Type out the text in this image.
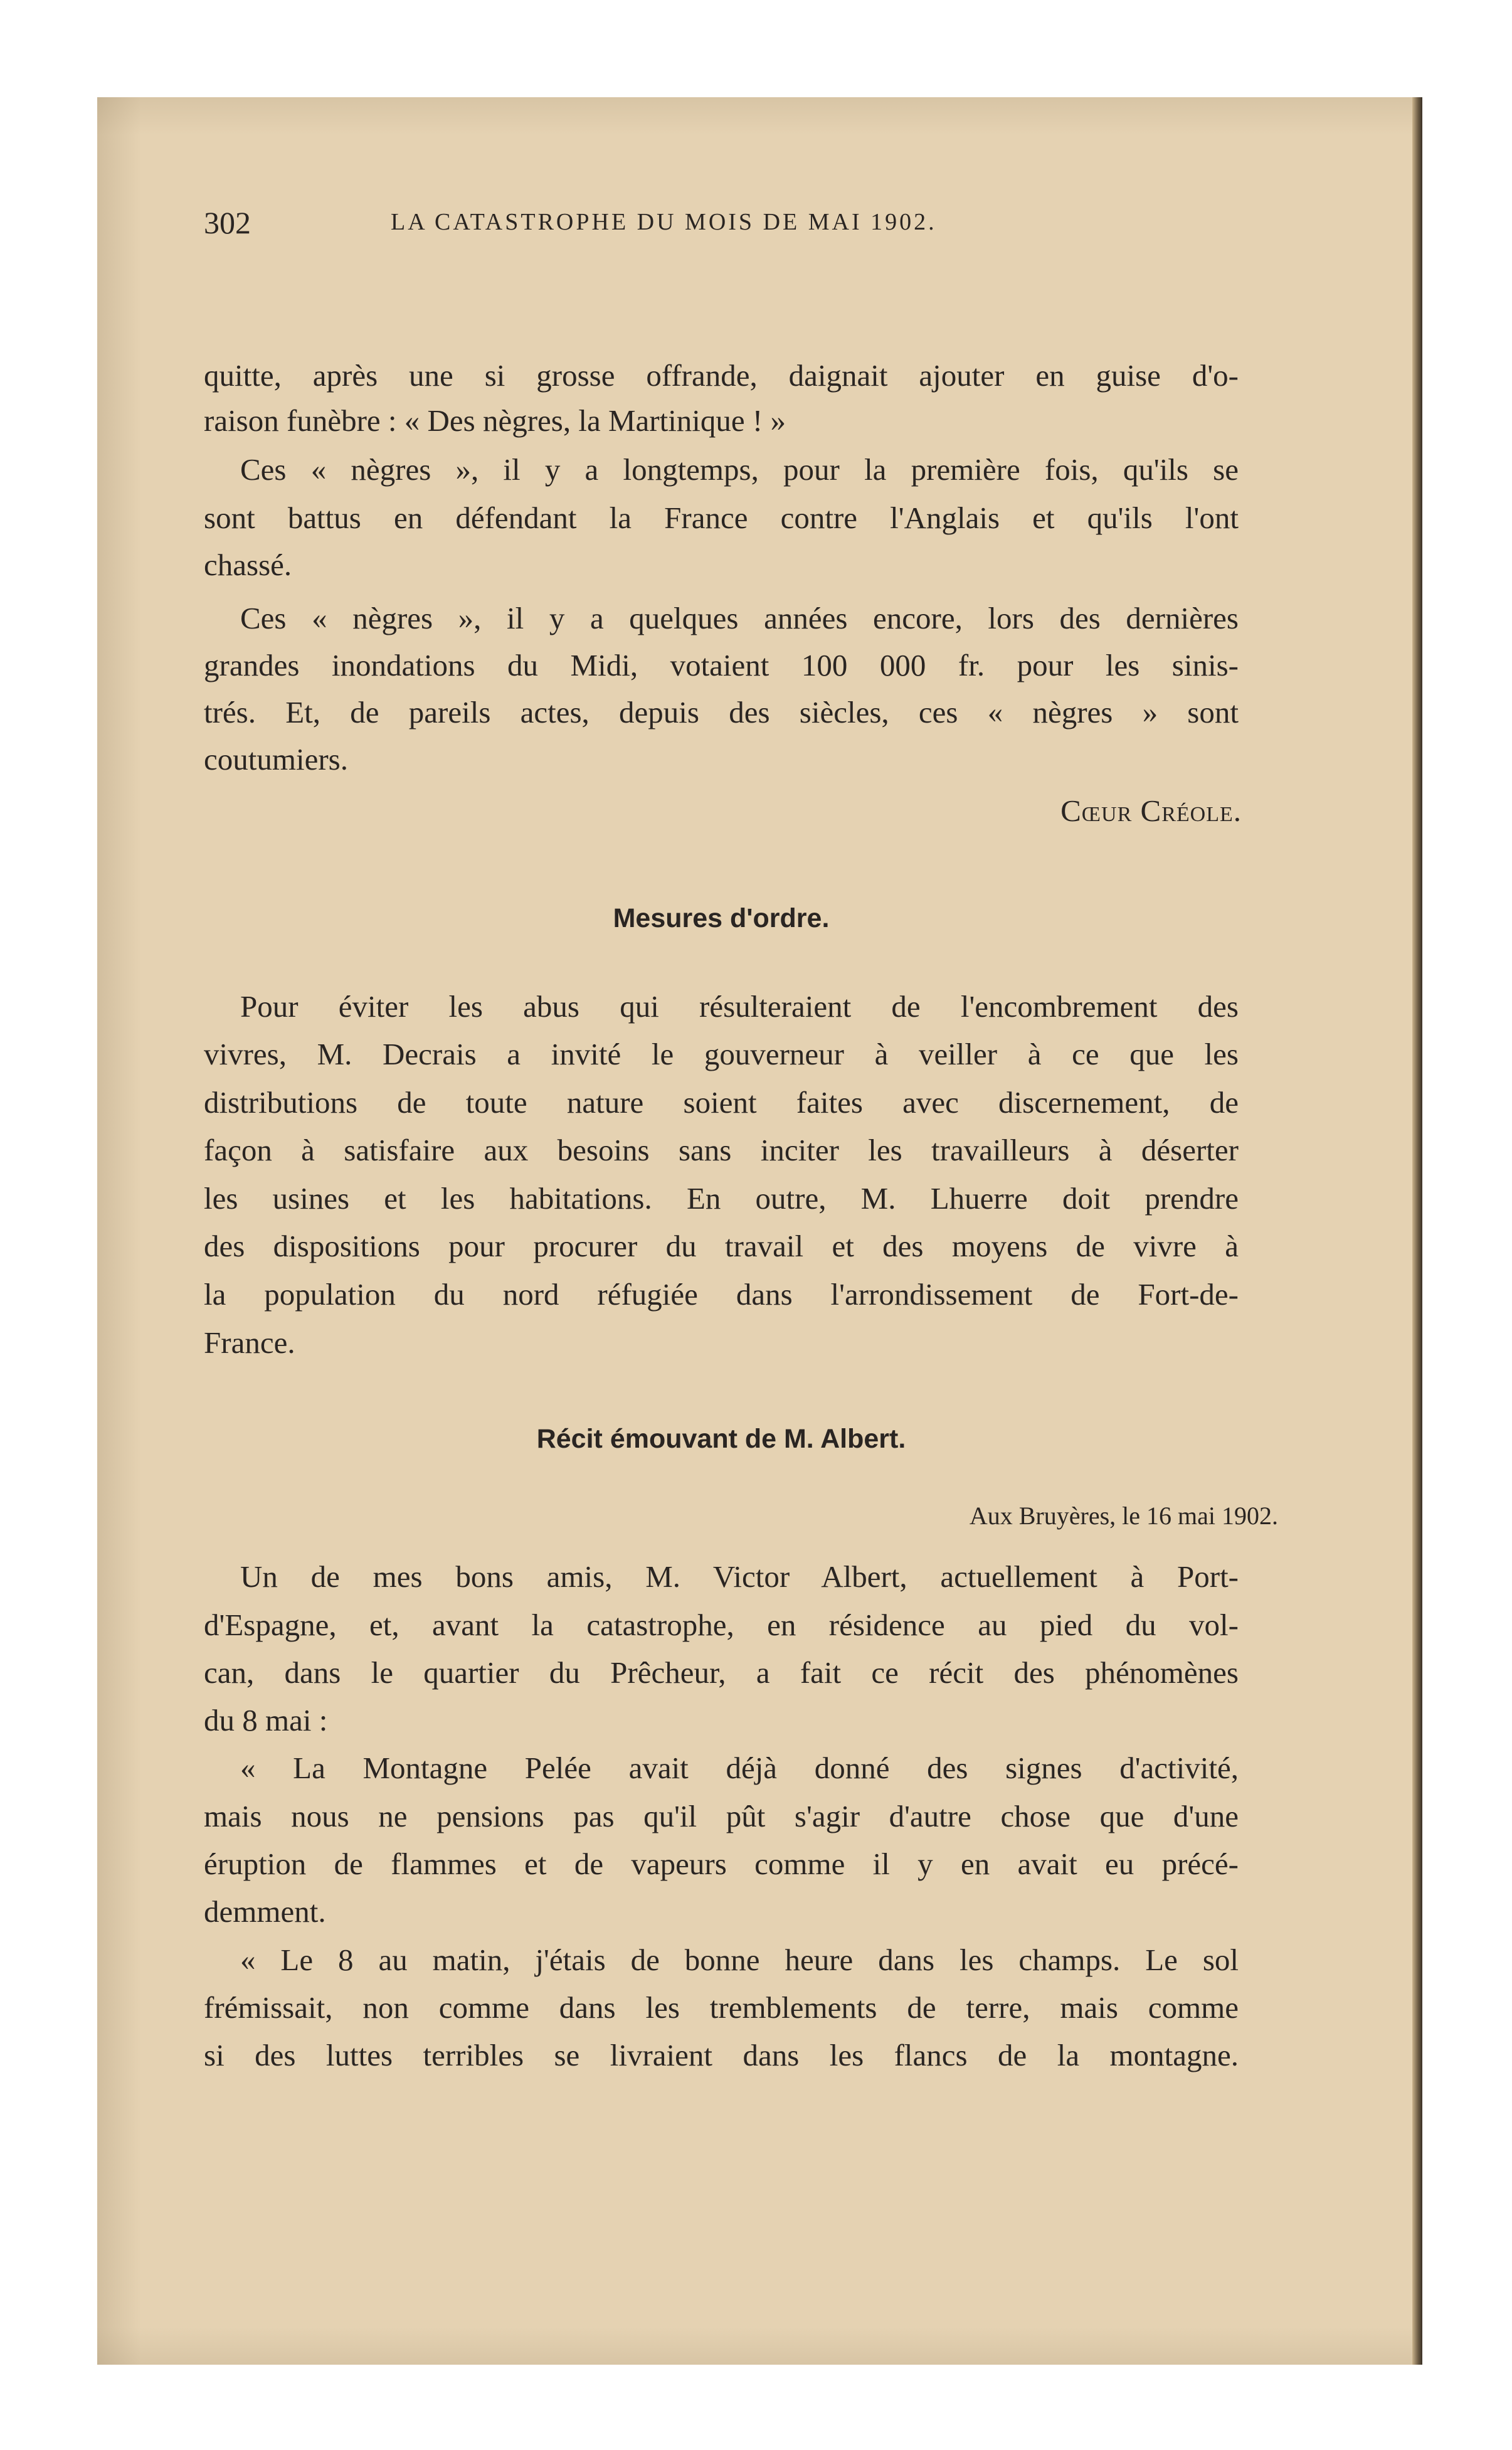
302	LA CATASTROPHE DU MOIS DE MAI 1902.
quitte, après une si grosse offrande, daignait ajouter en guise d'o-
raison funèbre : « Des nègres, la Martinique ! »
Ces « nègres », il y a longtemps, pour la première fois, qu'ils se
sont battus en défendant la France contre l'Anglais et qu'ils l'ont
chassé.
Ces « nègres », il y a quelques années encore, lors des dernières
grandes inondations du Midi, votaient 100 000 fr. pour les sinis-
trés. Et, de pareils actes, depuis des siècles, ces « nègres » sont
coutumiers.
Cœur Créole.
Mesures d'ordre.
Pour éviter les abus qui résulteraient de l'encombrement des
vivres, M. Decrais a invité le gouverneur à veiller à ce que les
distributions de toute nature soient faites avec discernement, de
façon à satisfaire aux besoins sans inciter les travailleurs à déserter
les usines et les habitations. En outre, M. Lhuerre doit prendre
des dispositions pour procurer du travail et des moyens de vivre à
la population du nord réfugiée dans l'arrondissement de Fort-de-
France.
Récit émouvant de M. Albert.
Aux Bruyères, le 16 mai 1902.
Un de mes bons amis, M. Victor Albert, actuellement à Port-
d'Espagne, et, avant la catastrophe, en résidence au pied du vol-
can, dans le quartier du Prêcheur, a fait ce récit des phénomènes
du 8 mai :
« La Montagne Pelée avait déjà donné des signes d'activité,
mais nous ne pensions pas qu'il pût s'agir d'autre chose que d'une
éruption de flammes et de vapeurs comme il y en avait eu précé-
demment.
« Le 8 au matin, j'étais de bonne heure dans les champs. Le sol
frémissait, non comme dans les tremblements de terre, mais comme
si des luttes terribles se livraient dans les flancs de la montagne.
